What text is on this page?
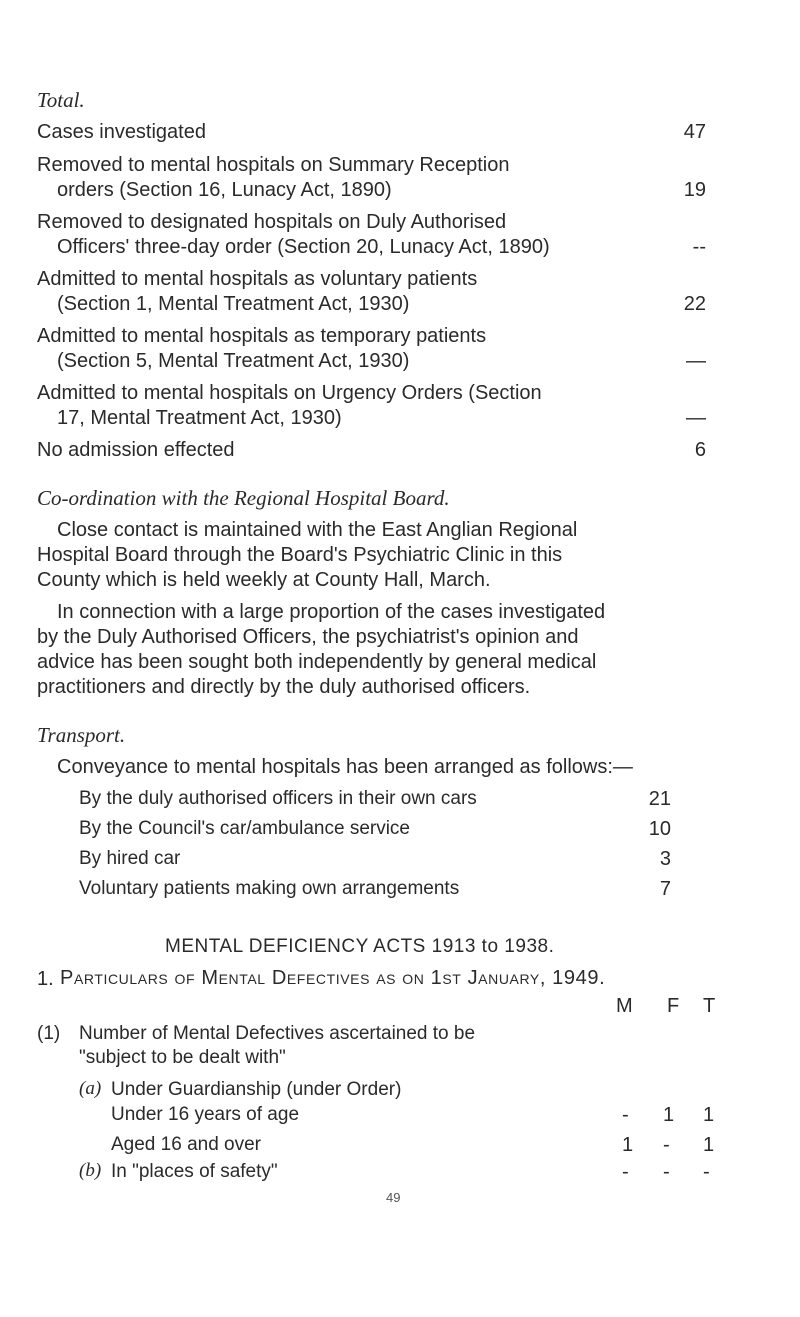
Total.
Cases investigated	47
Removed to mental hospitals on Summary Reception
orders (Section 16, Lunacy Act, 1890)	19
Removed to designated hospitals on Duly Authorised
Officers' three-day order (Section 20, Lunacy Act, 1890)	--
Admitted to mental hospitals as voluntary patients
(Section 1, Mental Treatment Act, 1930)	22
Admitted to mental hospitals as temporary patients
(Section 5, Mental Treatment Act, 1930)	—
Admitted to mental hospitals on Urgency Orders (Section
17, Mental Treatment Act, 1930)	—
No admission effected	6
Co-ordination with the Regional Hospital Board.
Close contact is maintained with the East Anglian Regional
Hospital Board through the Board's Psychiatric Clinic in this
County which is held weekly at County Hall, March.
In connection with a large proportion of the cases investigated
by the Duly Authorised Officers, the psychiatrist's opinion and
advice has been sought both independently by general medical
practitioners and directly by the duly authorised officers.
Transport.
Conveyance to mental hospitals has been arranged as follows:—
By the duly authorised officers in their own cars	21
By the Council's car/ambulance service	10
By hired car	3
Voluntary patients making own arrangements	7
MENTAL DEFICIENCY ACTS 1913 to 1938.
1. Particulars of Mental Defectives as on 1st January, 1949.
M F T
(1) Number of Mental Defectives ascertained to be
"subject to be dealt with"
(a) Under Guardianship (under Order)
Under 16 years of age	- 1 1
Aged 16 and over	1 - 1
(b) In "places of safety"	- - -
49
